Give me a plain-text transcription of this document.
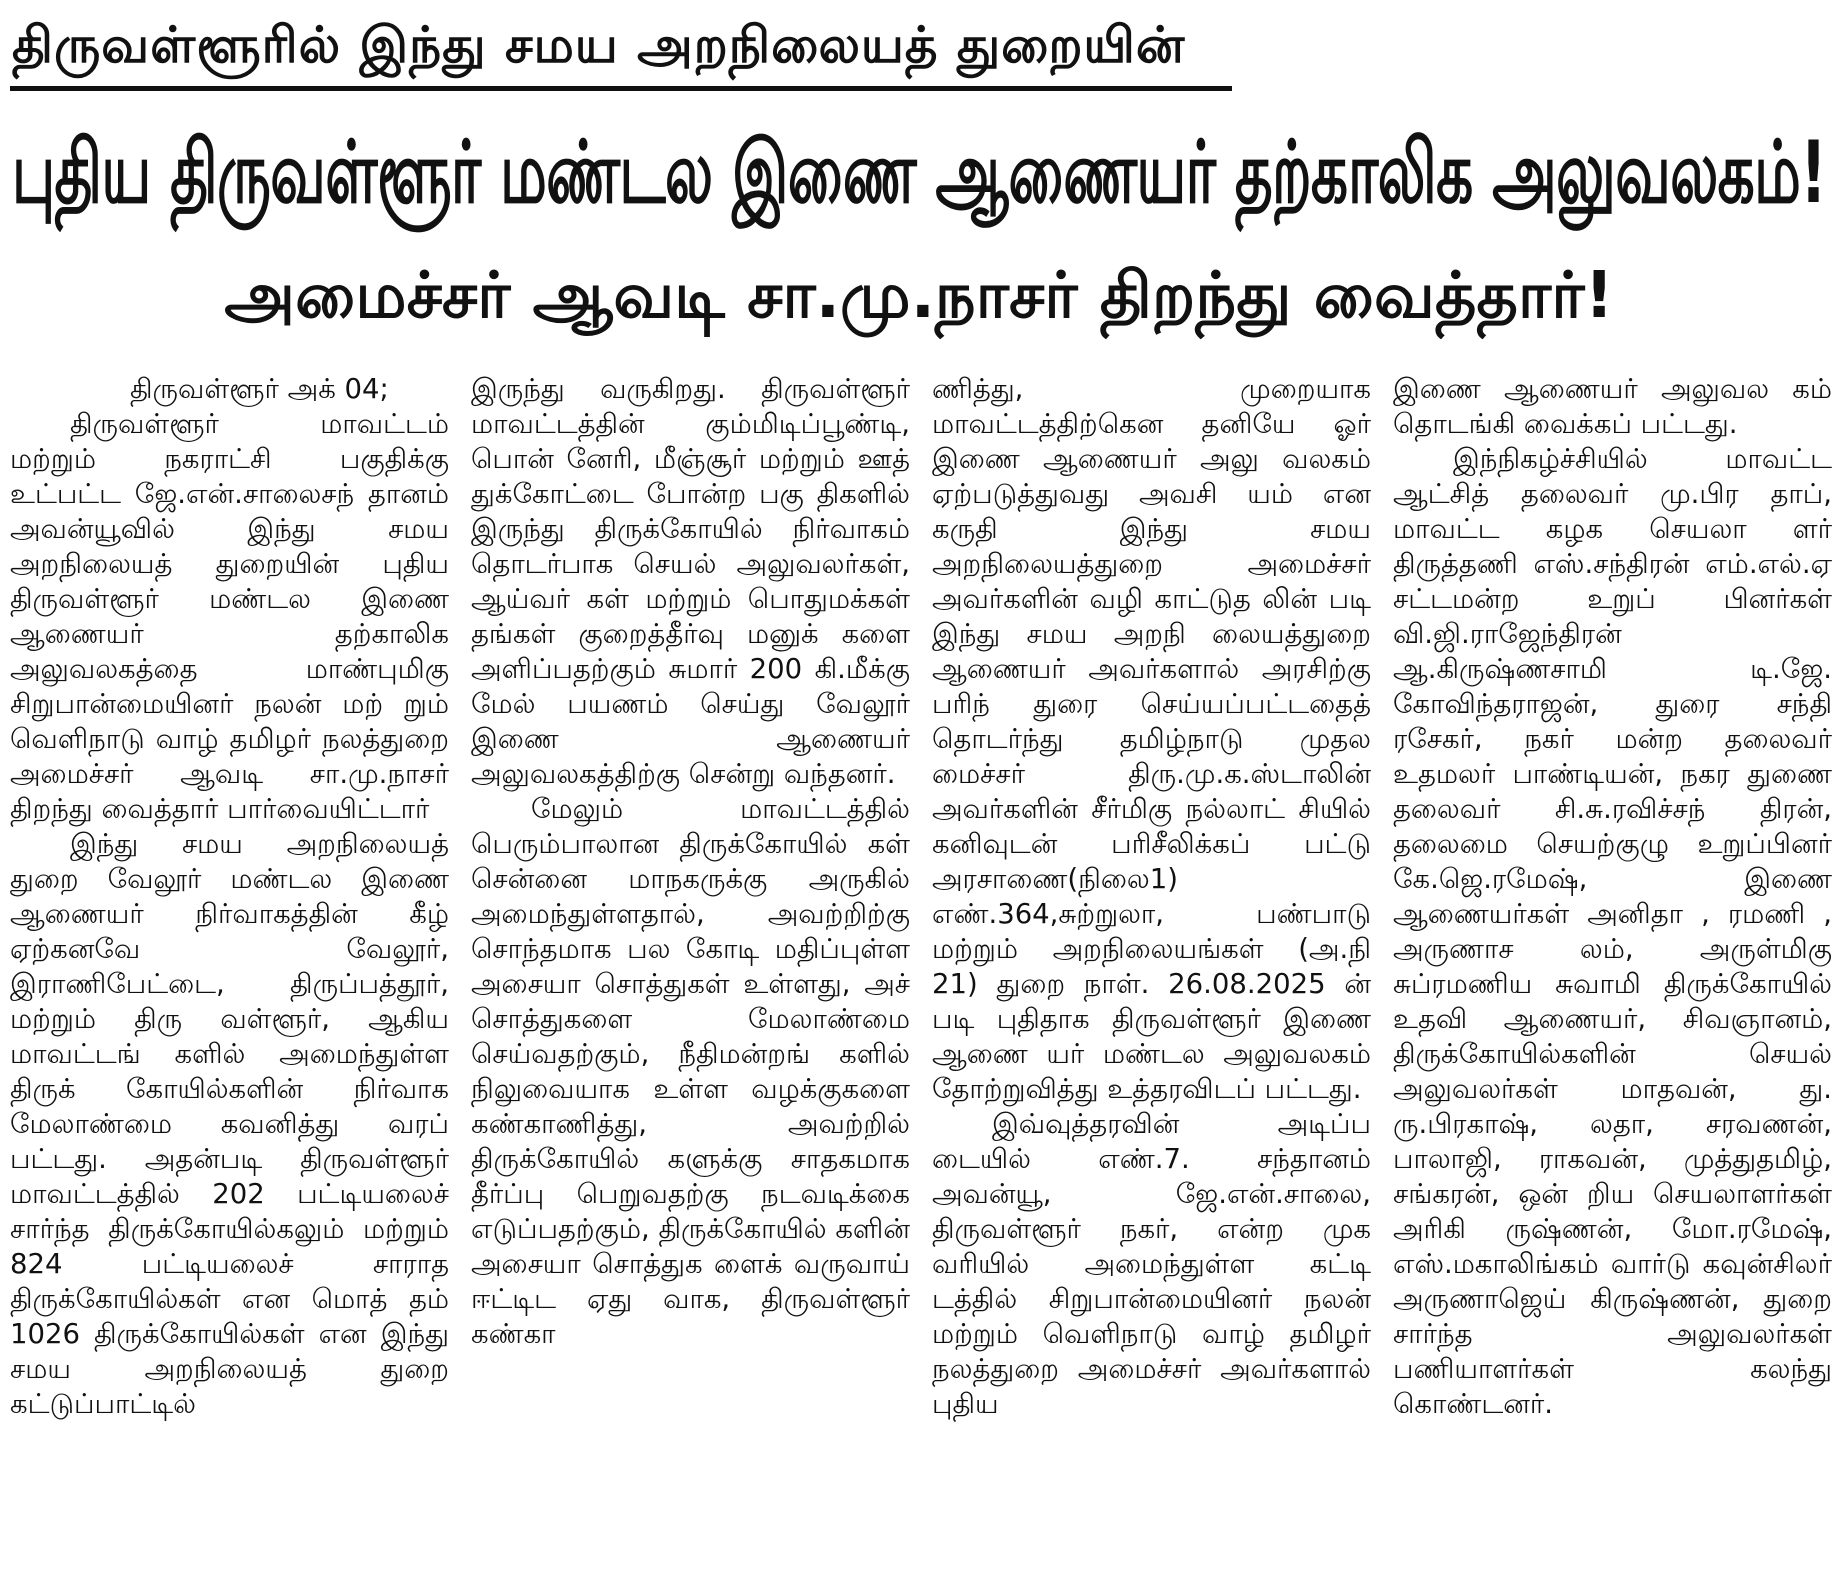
திருவள்ளூரில் இந்து சமய அறநிலையத் துறையின்
புதிய திருவள்ளூர் மண்டல இணை ஆணையர் தற்காலிக அலுவலகம்!
அமைச்சர் ஆவடி சா.மு.நாசர் திறந்து வைத்தார்!

திருவள்ளூர் அக் 04;

திருவள்ளூர் மாவட்டம் மற்றும் நகராட்சி பகுதிக்கு உட்பட்ட ஜே.என்.சாலைசந் தானம் அவன்யூவில் இந்து சமய அறநிலையத் துறையின் புதிய திருவள்ளூர் மண்டல இணை ஆணையர் தற்காலிக அலுவலகத்தை மாண்புமிகு சிறுபான்மையினர் நலன் மற் றும் வெளிநாடு வாழ் தமிழர் நலத்துறை அமைச்சர் ஆவடி சா.மு.நாசர் திறந்து வைத்தார் பார்வையிட்டார்

இந்து சமய அறநிலையத் துறை வேலூர் மண்டல இணை ஆணையர் நிர்வாகத்தின் கீழ் ஏற்கனவே வேலூர், இராணிபேட்டை, திருப்பத்தூர், மற்றும் திரு வள்ளூர், ஆகிய மாவட்டங் களில் அமைந்துள்ள திருக் கோயில்களின் நிர்வாக மேலாண்மை கவனித்து வரப் பட்டது. அதன்படி திருவள்ளூர் மாவட்டத்தில் 202 பட்டியலைச் சார்ந்த திருக்கோயில்கலும் மற்றும் 824 பட்டியலைச் சாராத திருக்கோயில்கள் என மொத் தம் 1026 திருக்கோயில்கள் என இந்து சமய அறநிலையத் துறை கட்டுப்பாட்டில்

இருந்து வருகிறது. திருவள்ளூர் மாவட்டத்தின் கும்மிடிப்பூண்டி, பொன் னேரி, மீஞ்சூர் மற்றும் ஊத் துக்கோட்டை போன்ற பகு திகளில் இருந்து திருக்கோயில் நிர்வாகம் தொடர்பாக செயல் அலுவலர்கள், ஆய்வர் கள் மற்றும் பொதுமக்கள் தங்கள் குறைத்தீர்வு மனுக் களை அளிப்பதற்கும் சுமார் 200 கி.மீக்கு மேல் பயணம் செய்து வேலூர் இணை ஆணையர் அலுவலகத்திற்கு சென்று வந்தனர்.

மேலும் மாவட்டத்தில் பெரும்பாலான திருக்கோயில் கள் சென்னை மாநகருக்கு அருகில் அமைந்துள்ளதால், அவற்றிற்கு சொந்தமாக பல கோடி மதிப்புள்ள அசையா சொத்துகள் உள்ளது, அச் சொத்துகளை மேலாண்மை செய்வதற்கும், நீதிமன்றங் களில் நிலுவையாக உள்ள வழக்குகளை கண்காணித்து, அவற்றில் திருக்கோயில் களுக்கு சாதகமாக தீர்ப்பு பெறுவதற்கு நடவடிக்கை எடுப்பதற்கும், திருக்கோயில் களின் அசையா சொத்துக ளைக் வருவாய் ஈட்டிட ஏது வாக, திருவள்ளூர் கண்கா

ணித்து, முறையாக மாவட்டத்திற்கென தனியே ஓர் இணை ஆணையர் அலு வலகம் ஏற்படுத்துவது அவசி யம் என கருதி இந்து சமய அறநிலையத்துறை அமைச்சர் அவர்களின் வழி காட்டுத லின் படி இந்து சமய அறநி லையத்துறை ஆணையர் அவர்களால் அரசிற்கு பரிந் துரை செய்யப்பட்டதைத் தொடர்ந்து தமிழ்நாடு முதல மைச்சர் திரு.மு.க.ஸ்டாலின் அவர்களின் சீர்மிகு நல்லாட் சியில் கனிவுடன் பரிசீலிக்கப் பட்டு அரசாணை(நிலை1) எண்.364,சுற்றுலா, பண்பாடு மற்றும் அறநிலையங்கள் (அ.நி 21) துறை நாள். 26.08.2025 ன் படி புதிதாக திருவள்ளூர் இணை ஆணை யர் மண்டல அலுவலகம் தோற்றுவித்து உத்தரவிடப் பட்டது.

இவ்வுத்தரவின் அடிப்ப டையில் எண்.7. சந்தானம் அவன்யூ, ஜே.என்.சாலை, திருவள்ளூர் நகர், என்ற முக வரியில் அமைந்துள்ள கட்டி டத்தில் சிறுபான்மையினர் நலன் மற்றும் வெளிநாடு வாழ் தமிழர் நலத்துறை அமைச்சர் அவர்களால் புதிய

இணை ஆணையர் அலுவல கம் தொடங்கி வைக்கப் பட்டது.

இந்நிகழ்ச்சியில் மாவட்ட ஆட்சித் தலைவர் மு.பிர தாப், மாவட்ட கழக செயலா ளர் திருத்தணி எஸ்.சந்திரன் எம்.எல்.ஏ சட்டமன்ற உறுப் பினர்கள் வி.ஜி.ராஜேந்திரன் ஆ.கிருஷ்ணசாமி டி.ஜே. கோவிந்தராஜன், துரை சந்தி ரசேகர், நகர் மன்ற தலைவர் உதமலர் பாண்டியன், நகர துணை தலைவர் சி.சு.ரவிச்சந் திரன், தலைமை செயற்குழு உறுப்பினர் கே.ஜெ.ரமேஷ், இணை ஆணையர்கள் அனிதா , ரமணி , அருணாச லம், அருள்மிகு சுப்ரமணிய சுவாமி திருக்கோயில் உதவி ஆணையர், சிவஞானம், திருக்கோயில்களின் செயல் அலுவலர்கள் மாதவன், து. ரு.பிரகாஷ், லதா, சரவணன், பாலாஜி, ராகவன், முத்துதமிழ், சங்கரன், ஒன் றிய செயலாளர்கள் அரிகி ருஷ்ணன், மோ.ரமேஷ், எஸ்.மகாலிங்கம் வார்டு கவுன்சிலர் அருணாஜெய் கிருஷ்ணன், துறை சார்ந்த அலுவலர்கள் பணியாளர்கள் கலந்து கொண்டனர்.
